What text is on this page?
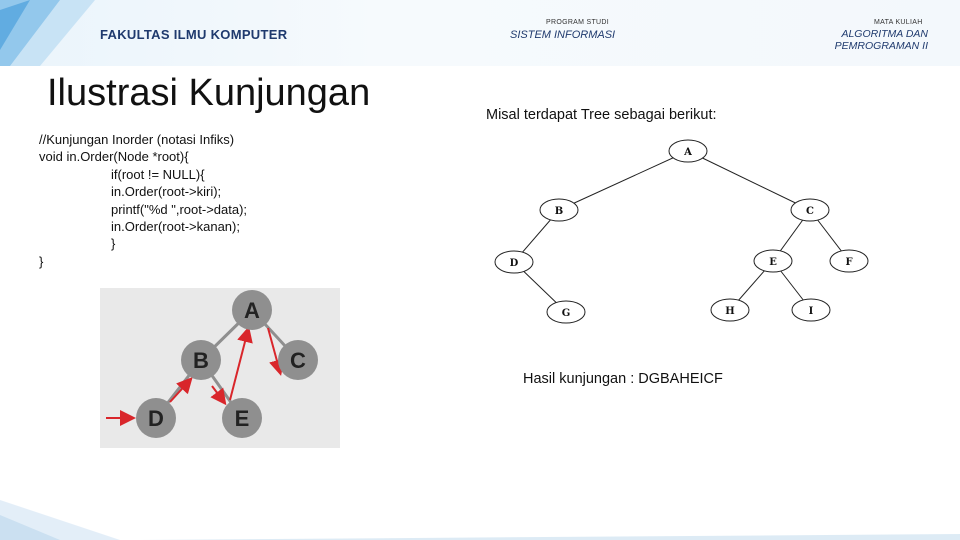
FAKULTAS ILMU KOMPUTER
PROGRAM STUDI
SISTEM INFORMASI
MATA KULIAH
ALGORITMA DAN
PEMROGRAMAN II
Ilustrasi Kunjungan
//Kunjungan Inorder (notasi Infiks)
void in.Order(Node *root){
if(root != NULL){
in.Order(root->kiri);
printf("%d ",root->data);
in.Order(root->kanan);
}
}
A
B	C
D	E
Misal terdapat Tree sebagai berikut:
A
B	C
D	E	F
G	H	I
Hasil kunjungan : DGBAHEICF
